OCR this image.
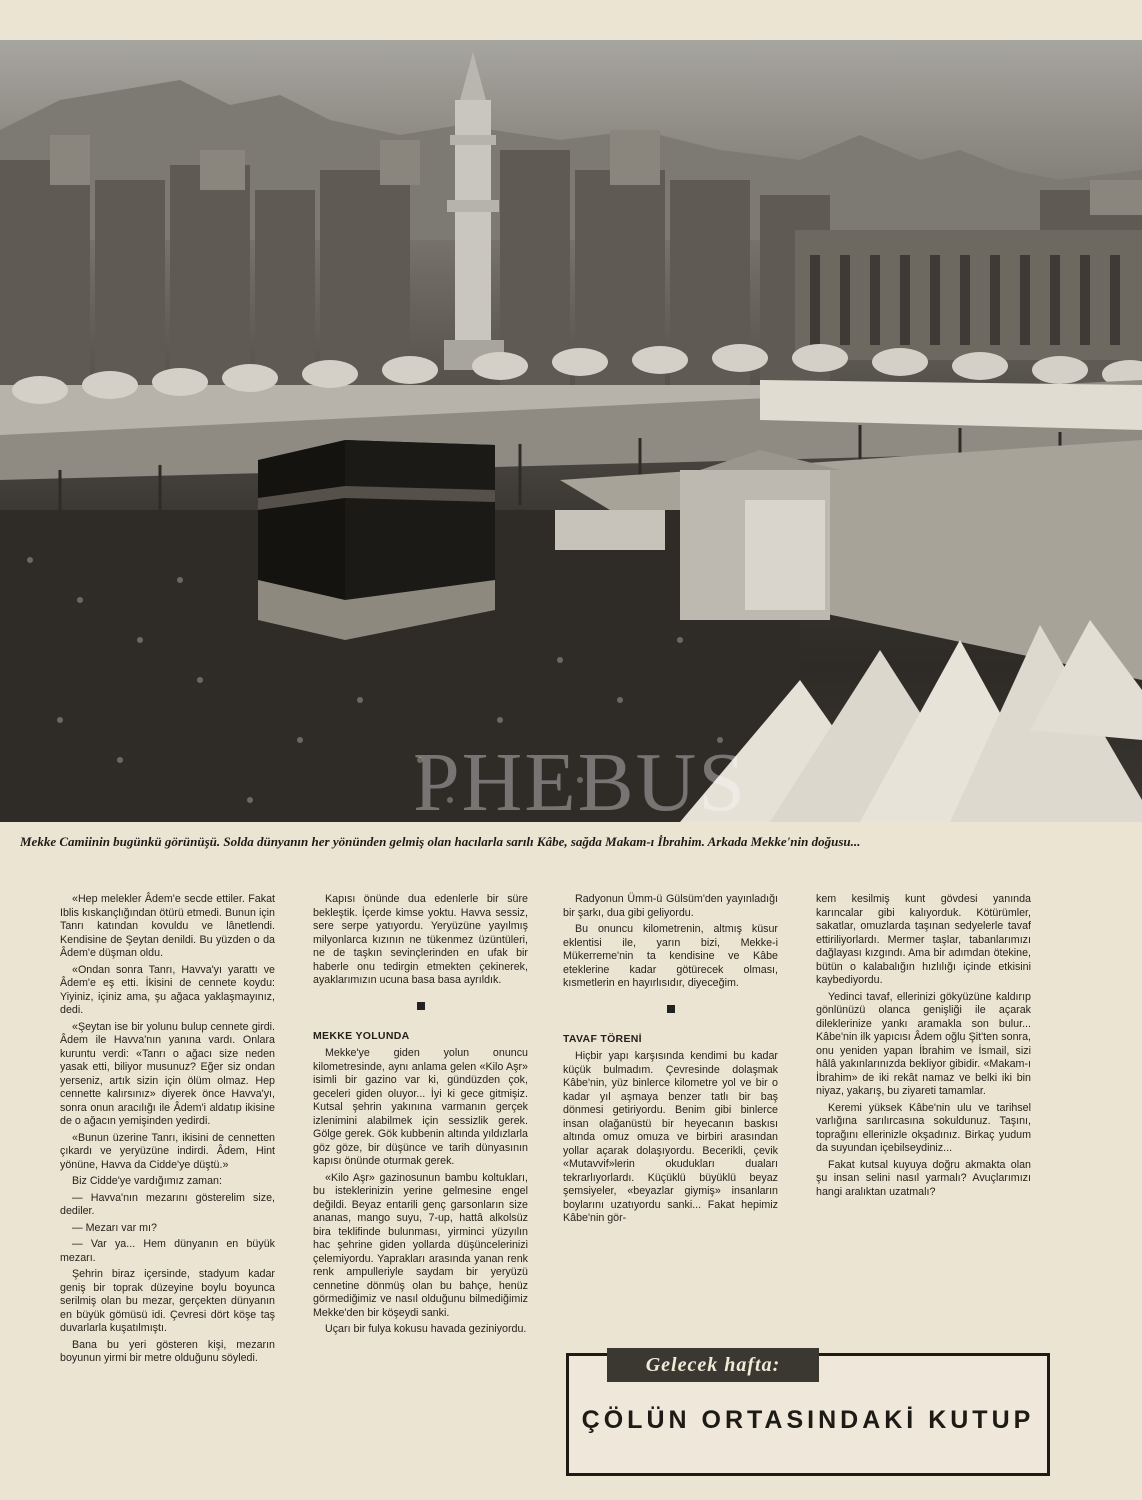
PHEBUS
Mekke Camiinin bugünkü görünüşü. Solda dünyanın her yönünden gelmiş olan hacılarla sarılı Kâbe, sağda Makam-ı İbrahim. Arkada Mekke'nin doğusu...

«Hep melekler Âdem'e secde ettiler. Fakat Iblis kıskançlığından ötürü etmedi. Bunun için Tanrı katından kovuldu ve lânetlendi. Kendisine de Şeytan denildi. Bu yüzden o da Âdem'e düşman oldu.

«Ondan sonra Tanrı, Havva'yı yarattı ve Âdem'e eş etti. İkisini de cennete koydu: Yiyiniz, içiniz ama, şu ağaca yaklaşmayınız, dedi.

«Şeytan ise bir yolunu bulup cennete girdi. Âdem ile Havva'nın yanına vardı. Onlara kuruntu verdi: «Tanrı o ağacı size neden yasak etti, biliyor musunuz? Eğer siz ondan yerseniz, artık sizin için ölüm olmaz. Hep cennette kalırsınız» diyerek önce Havva'yı, sonra onun aracılığı ile Âdem'i aldatıp ikisine de o ağacın yemişinden yedirdi.

«Bunun üzerine Tanrı, ikisini de cennetten çıkardı ve yeryüzüne indirdi. Âdem, Hint yönüne, Havva da Cidde'ye düştü.»

Biz Cidde'ye vardığımız zaman:

— Havva'nın mezarını gösterelim size, dediler.

— Mezarı var mı?

— Var ya... Hem dünyanın en büyük mezarı.

Şehrin biraz içersinde, stadyum kadar geniş bir toprak düzeyine boylu boyunca serilmiş olan bu mezar, gerçekten dünyanın en büyük gömüsü idi. Çevresi dört köşe taş duvarlarla kuşatılmıştı.

Bana bu yeri gösteren kişi, mezarın boyunun yirmi bir metre olduğunu söyledi.

Kapısı önünde dua edenlerle bir süre bekleştik. İçerde kimse yoktu. Havva sessiz, sere serpe yatıyordu. Yeryüzüne yayılmış milyonlarca kızının ne tükenmez üzüntüleri, ne de taşkın sevinçlerinden en ufak bir haberle onu tedirgin etmekten çekinerek, ayaklarımızın ucuna basa basa ayrıldık.

MEKKE YOLUNDA

Mekke'ye giden yolun onuncu kilometresinde, aynı anlama gelen «Kilo Aşr» isimli bir gazino var ki, gündüzden çok, geceleri giden oluyor... İyi ki gece gitmişiz. Kutsal şehrin yakınına varmanın gerçek izlenimini alabilmek için sessizlik gerek. Gölge gerek. Gök kubbenin altında yıldızlarla göz göze, bir düşünce ve tarih dünyasının kapısı önünde oturmak gerek.

«Kilo Aşr» gazinosunun bambu koltukları, bu isteklerinizin yerine gelmesine engel değildi. Beyaz entarili genç garsonların size ananas, mango suyu, 7-up, hattâ alkolsüz bira teklifinde bulunması, yirminci yüzyılın hac şehrine giden yollarda düşüncelerinizi çelemiyordu. Yaprakları arasında yanan renk renk ampulleriyle saydam bir yeryüzü cennetine dönmüş olan bu bahçe, henüz görmediğimiz ve nasıl olduğunu bilmediğimiz Mekke'den bir köşeydi sanki.

Uçarı bir fulya kokusu havada geziniyordu.

Radyonun Ümm-ü Gülsüm'den yayınladığı bir şarkı, dua gibi geliyordu.

Bu onuncu kilometrenin, altmış küsur eklentisi ile, yarın bizi, Mekke-i Mükerreme'nin ta kendisine ve Kâbe eteklerine kadar götürecek olması, kısmetlerin en hayırlısıdır, diyeceğim.

TAVAF TÖRENİ

Hiçbir yapı karşısında kendimi bu kadar küçük bulmadım. Çevresinde dolaşmak Kâbe'nin, yüz binlerce kilometre yol ve bir o kadar yıl aşmaya benzer tatlı bir baş dönmesi getiriyordu. Benim gibi binlerce insan olağanüstü bir heyecanın baskısı altında omuz omuza ve birbiri arasından yollar açarak dolaşıyordu. Becerikli, çevik «Mutavvif»lerin okudukları duaları tekrarlıyorlardı. Küçüklü büyüklü beyaz şemsiyeler, «beyazlar giymiş» insanların boylarını uzatıyordu sanki... Fakat hepimiz Kâbe'nin gör-

kem kesilmiş kunt gövdesi yanında karıncalar gibi kalıyorduk. Kötürümler, sakatlar, omuzlarda taşınan sedyelerle tavaf ettiriliyorlardı. Mermer taşlar, tabanlarımızı dağlayası kızgındı. Ama bir adımdan ötekine, bütün o kalabalığın hızlılığı içinde etkisini kaybediyordu.

Yedinci tavaf, ellerinizi gökyüzüne kaldırıp gönlünüzü olanca genişliği ile açarak dileklerinize yankı aramakla son bulur... Kâbe'nin ilk yapıcısı Âdem oğlu Şit'ten sonra, onu yeniden yapan İbrahim ve İsmail, sizi hâlâ yakınlarınızda bekliyor gibidir. «Makam-ı İbrahim» de iki rekât namaz ve belki iki bin niyaz, yakarış, bu ziyareti tamamlar.

Keremi yüksek Kâbe'nin ulu ve tarihsel varlığına sarılırcasına sokuldunuz. Taşını, toprağını ellerinizle okşadınız. Birkaç yudum da suyundan içebilseydiniz...

Fakat kutsal kuyuya doğru akmakta olan şu insan selini nasıl yarmalı? Avuçlarımızı hangi aralıktan uzatmalı?

Gelecek hafta:
ÇÖLÜN ORTASINDAKİ KUTUP
